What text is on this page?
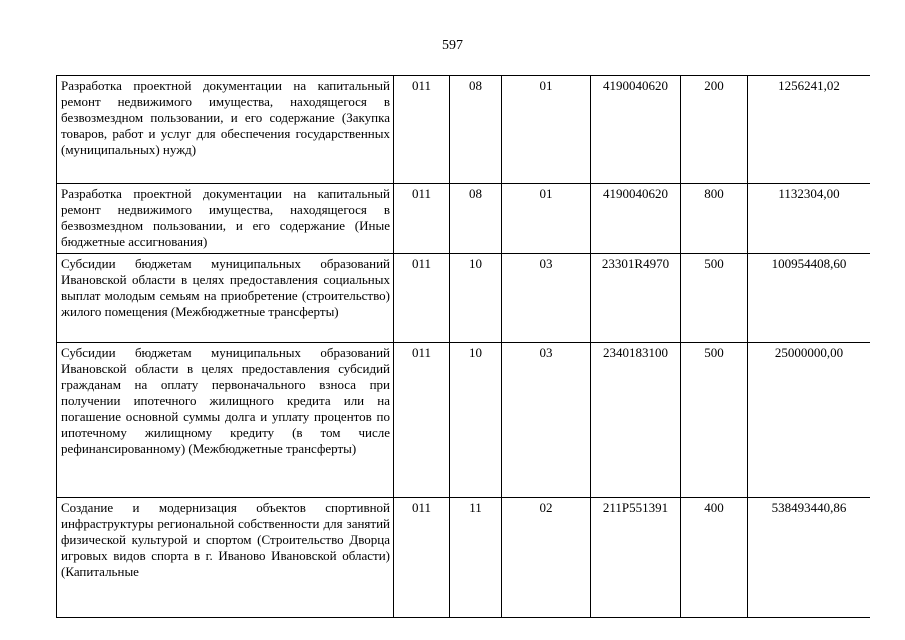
597
Разработка проектной документации на капитальный ремонт недвижимого имущества, находящегося в безвозмездном пользовании, и его содержание (Закупка товаров, работ и услуг для обеспечения государственных (муниципальных) нужд)	011	08	01	4190040620	200	1256241,02
Разработка проектной документации на капитальный ремонт недвижимого имущества, находящегося в безвозмездном пользовании, и его содержание (Иные бюджетные ассигнования)	011	08	01	4190040620	800	1132304,00
Субсидии бюджетам муниципальных образований Ивановской области в целях предоставления социальных выплат молодым семьям на приобретение (строительство) жилого помещения (Межбюджетные трансферты)	011	10	03	23301R4970	500	100954408,60
Субсидии бюджетам муниципальных образований Ивановской области в целях предоставления субсидий гражданам на оплату первоначального взноса при получении ипотечного жилищного кредита или на погашение основной суммы долга и уплату процентов по ипотечному жилищному кредиту (в том числе рефинансированному) (Межбюджетные трансферты)	011	10	03	2340183100	500	25000000,00
Создание и модернизация объектов спортивной инфраструктуры региональной собственности для занятий физической культурой и спортом (Строительство Дворца игровых видов спорта в г. Иваново Ивановской области) (Капитальные	011	11	02	211P551391	400	538493440,86
